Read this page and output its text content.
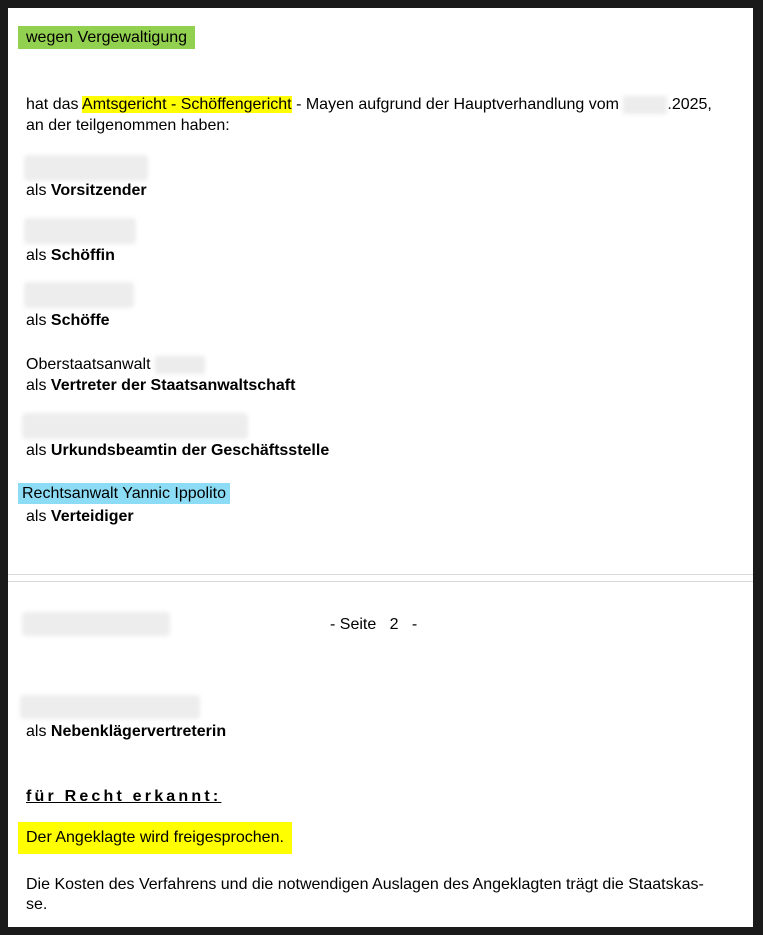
wegen Vergewaltigung
hat das Amtsgericht - Schöffengericht - Mayen aufgrund der Hauptverhandlung vom	.2025,
an der teilgenommen haben:
als Vorsitzender
als Schöffin
als Schöffe
Oberstaatsanwalt
als Vertreter der Staatsanwaltschaft
als Urkundsbeamtin der Geschäftsstelle
Rechtsanwalt Yannic Ippolito
als Verteidiger
- Seite   2   -
als Nebenklägervertreterin
für Recht erkannt:
Der Angeklagte wird freigesprochen.
Die Kosten des Verfahrens und die notwendigen Auslagen des Angeklagten trägt die Staatskas-
se.
